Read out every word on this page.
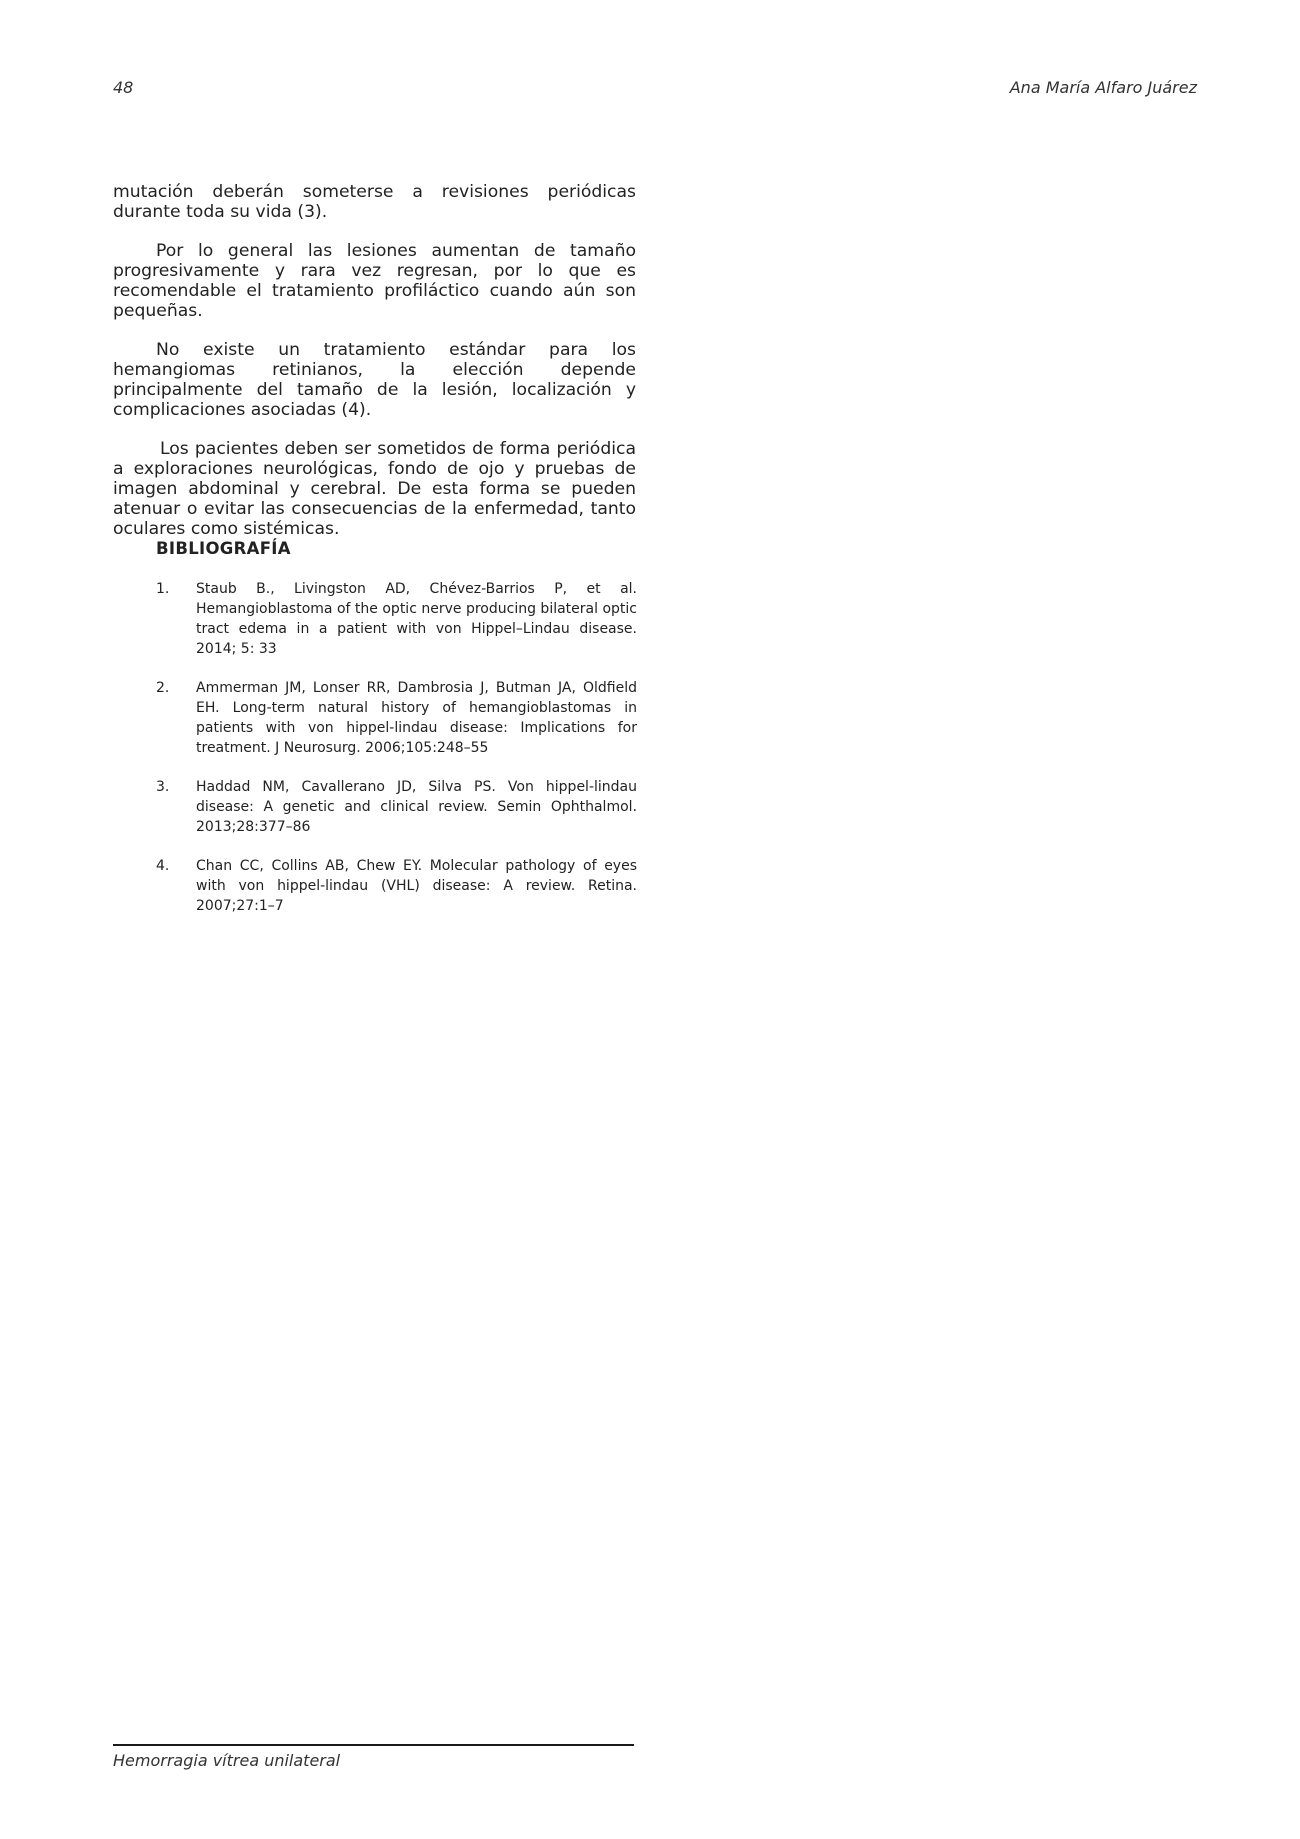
48	Ana María Alfaro Juárez

mutación deberán someterse a revisiones periódicas durante toda su vida (3).

Por lo general las lesiones aumentan de tamaño progresivamente y rara vez regresan, por lo que es recomendable el tratamiento profiláctico cuando aún son pequeñas.

No existe un tratamiento estándar para los hemangiomas retinianos, la elección depende principalmente del tamaño de la lesión, localización y complicaciones asociadas (4).

Los pacientes deben ser sometidos de forma periódica a exploraciones neurológicas, fondo de ojo y pruebas de imagen abdominal y cerebral. De esta forma se pueden atenuar o evitar las consecuencias de la enfermedad, tanto oculares como sistémicas.

BIBLIOGRAFÍA
1. Staub B., Livingston AD, Chévez-Barrios P, et al. Hemangioblastoma of the optic nerve producing bilateral optic tract edema in a patient with von Hippel–Lindau disease. 2014; 5: 33
2. Ammerman JM, Lonser RR, Dambrosia J, Butman JA, Oldfield EH. Long-term natural history of hemangioblastomas in patients with von hippel-lindau disease: Implications for treatment. J Neurosurg. 2006;105:248–55
3. Haddad NM, Cavallerano JD, Silva PS. Von hippel-lindau disease: A genetic and clinical review. Semin Ophthalmol. 2013;28:377–86
4. Chan CC, Collins AB, Chew EY. Molecular pathology of eyes with von hippel-lindau (VHL) disease: A review. Retina. 2007;27:1–7
Hemorragia vítrea unilateral
